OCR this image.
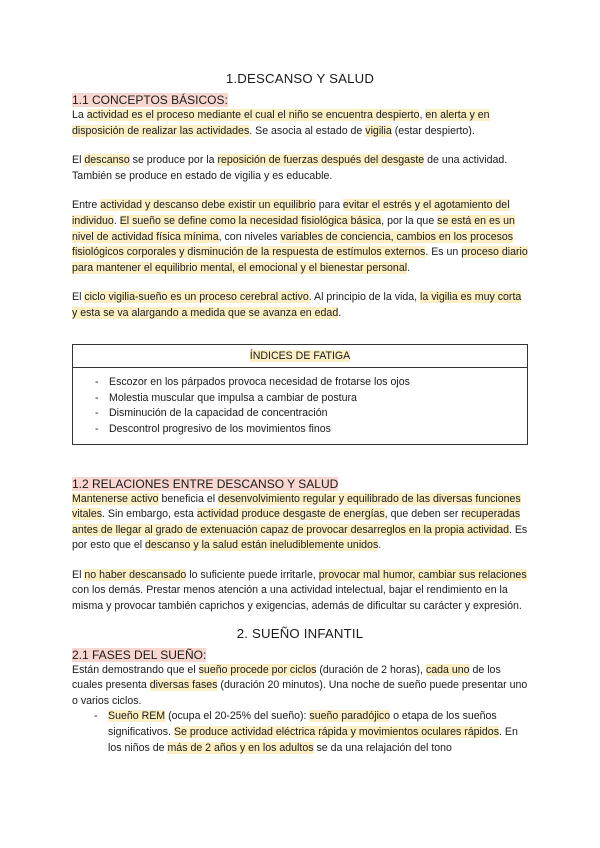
1.DESCANSO Y SALUD
1.1 CONCEPTOS BÁSICOS:

La actividad es el proceso mediante el cual el niño se encuentra despierto, en alerta y en disposición de realizar las actividades. Se asocia al estado de vigilia (estar despierto).

El descanso se produce por la reposición de fuerzas después del desgaste de una actividad. También se produce en estado de vigilia y es educable.

Entre actividad y descanso debe existir un equilibrio para evitar el estrés y el agotamiento del individuo. El sueño se define como la necesidad fisiológica básica, por la que se está en es un nivel de actividad física mínima, con niveles variables de conciencia, cambios en los procesos fisiológicos corporales y disminución de la respuesta de estímulos externos. Es un proceso diario para mantener el equilibrio mental, el emocional y el bienestar personal.

El ciclo vigilia-sueño es un proceso cerebral activo. Al principio de la vida, la vigilia es muy corta y esta se va alargando a medida que se avanza en edad.

ÍNDICES DE FATIGA
- Escozor en los párpados provoca necesidad de frotarse los ojos
- Molestia muscular que impulsa a cambiar de postura
- Disminución de la capacidad de concentración
- Descontrol progresivo de los movimientos finos
1.2 RELACIONES ENTRE DESCANSO Y SALUD

Mantenerse activo beneficia el desenvolvimiento regular y equilibrado de las diversas funciones vitales. Sin embargo, esta actividad produce desgaste de energías, que deben ser recuperadas antes de llegar al grado de extenuación capaz de provocar desarreglos en la propia actividad. Es por esto que el descanso y la salud están ineludiblemente unidos.

El no haber descansado lo suficiente puede irritarle, provocar mal humor, cambiar sus relaciones con los demás. Prestar menos atención a una actividad intelectual, bajar el rendimiento en la misma y provocar también caprichos y exigencias, además de dificultar su carácter y expresión.

2. SUEÑO INFANTIL
2.1 FASES DEL SUEÑO:

Están demostrando que el sueño procede por ciclos (duración de 2 horas), cada uno de los cuales presenta diversas fases (duración 20 minutos). Una noche de sueño puede presentar uno o varios ciclos.

- Sueño REM (ocupa el 20-25% del sueño): sueño paradójico o etapa de los sueños significativos. Se produce actividad eléctrica rápida y movimientos oculares rápidos. En los niños de más de 2 años y en los adultos se da una relajación del tono
